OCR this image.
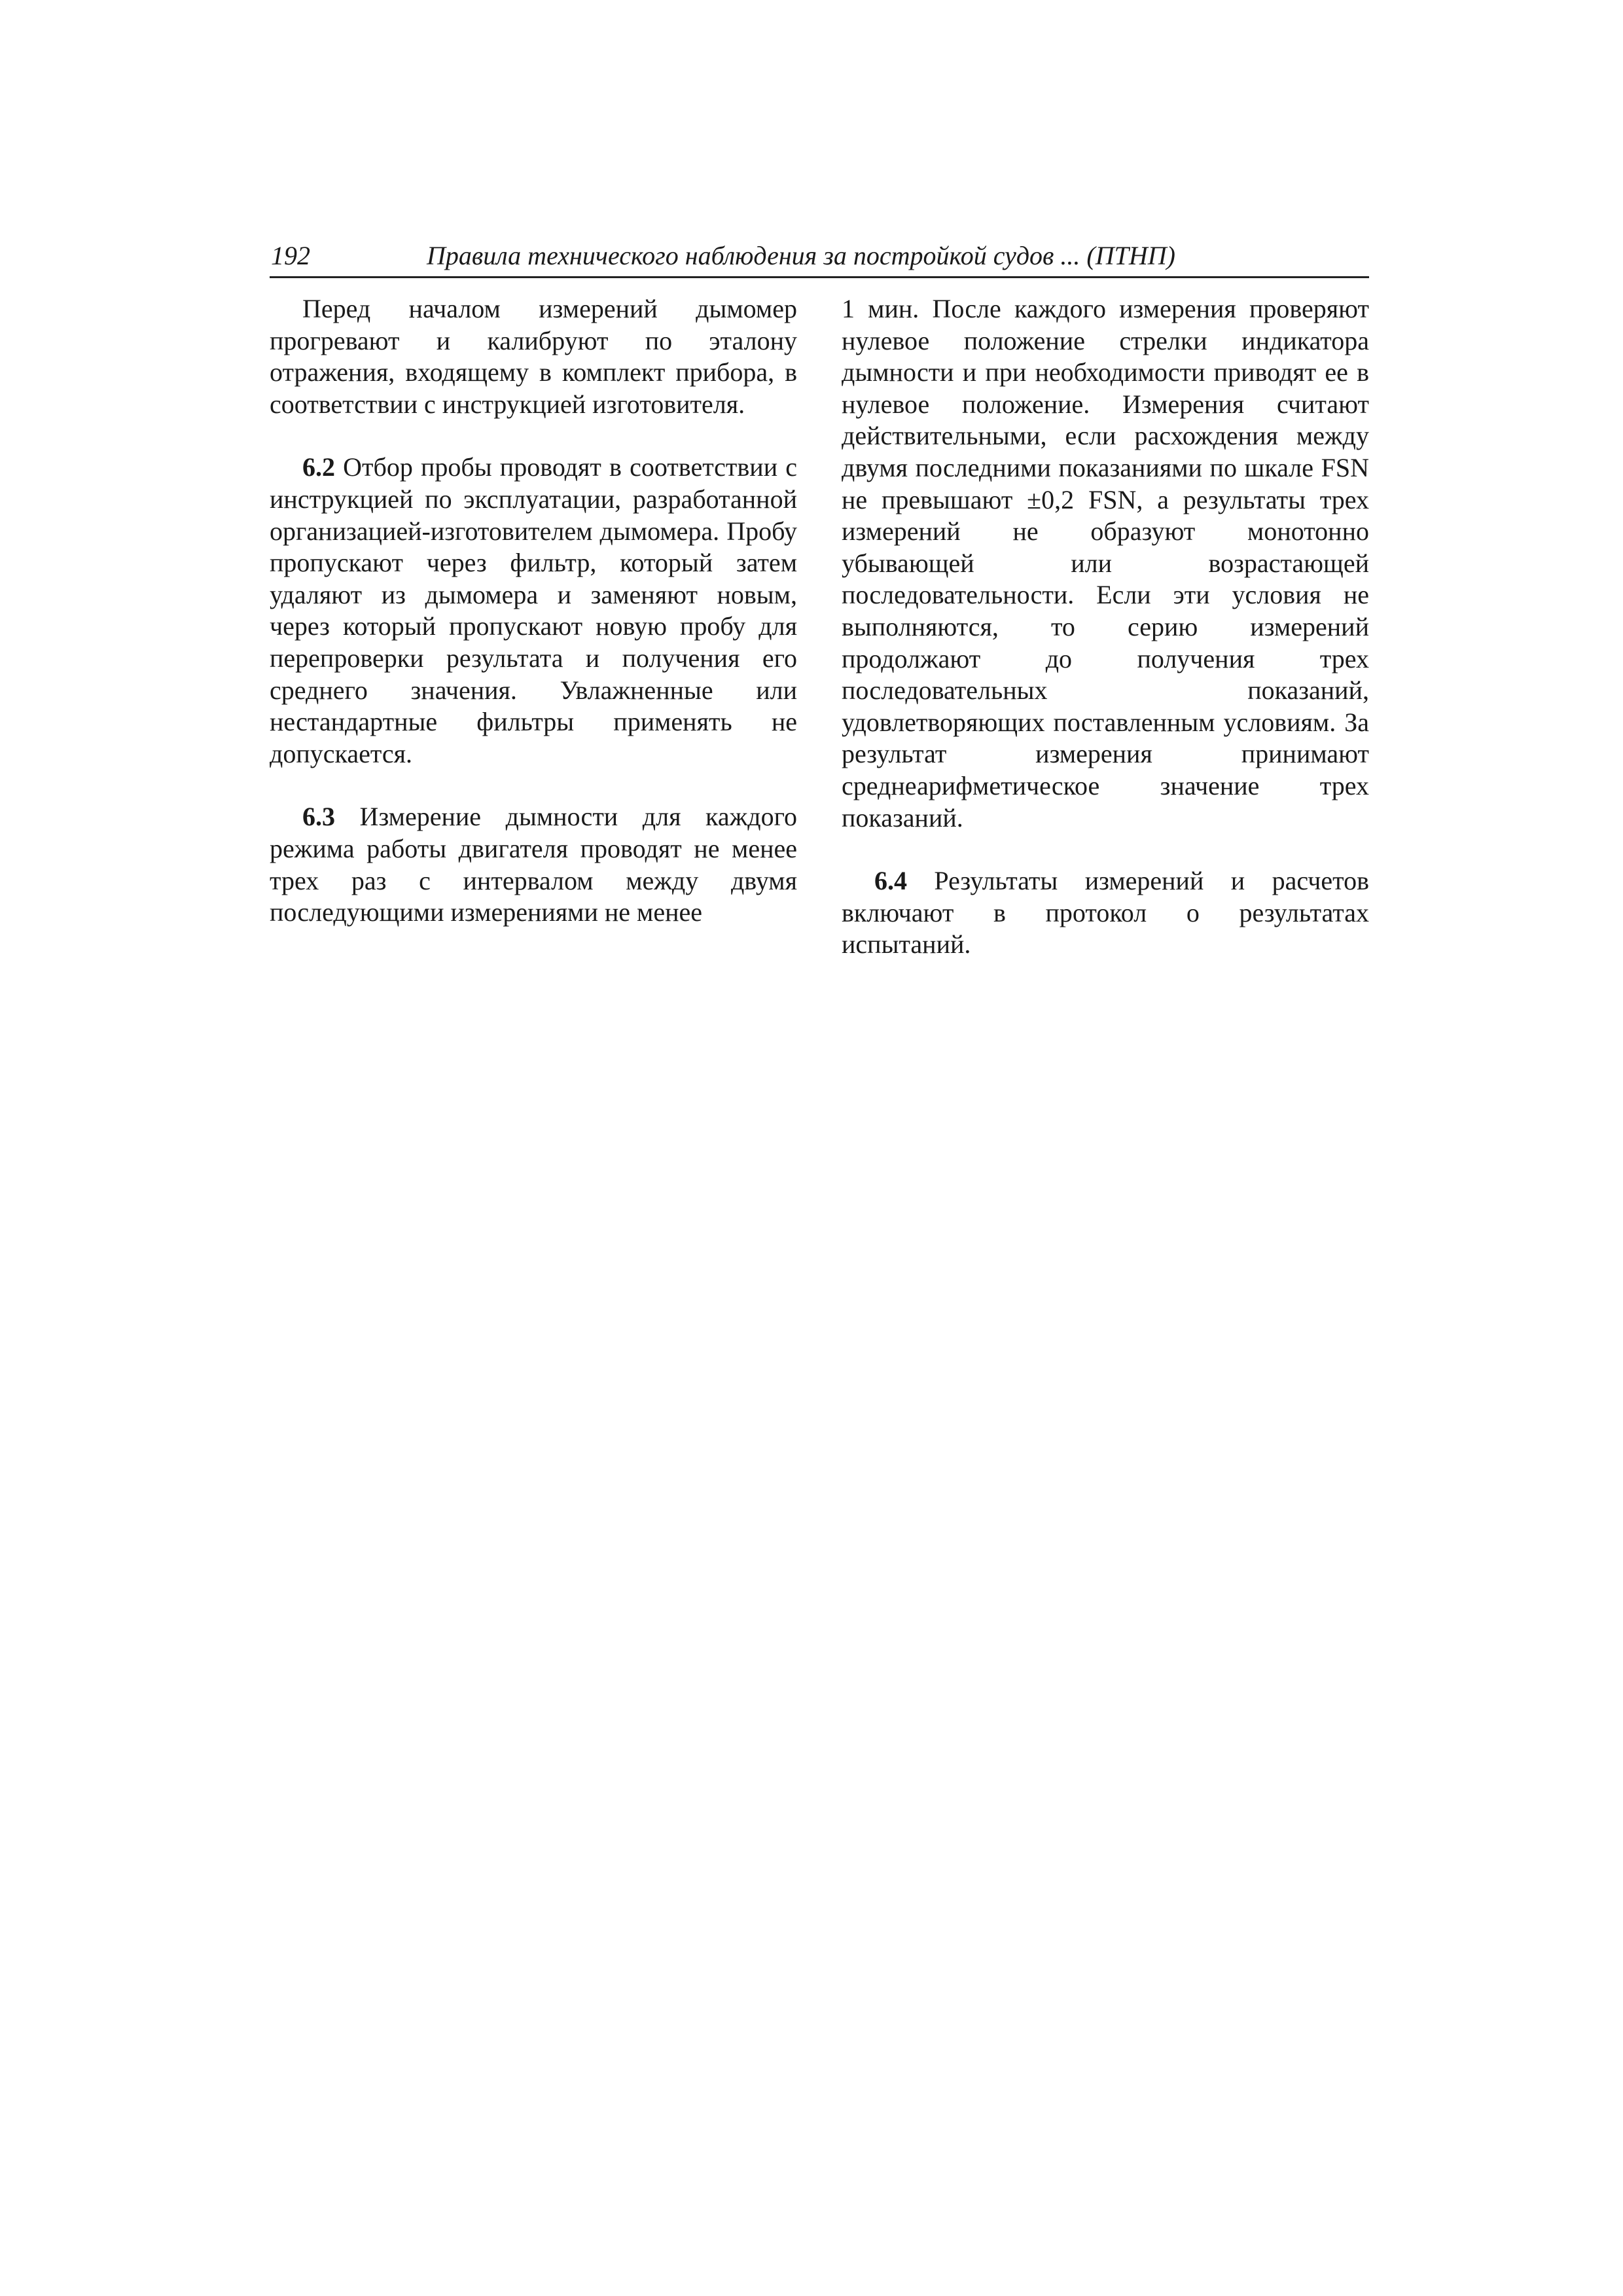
192	Правила технического наблюдения за постройкой судов ... (ПТНП)

Перед началом измерений дымомер прогревают и калибруют по эталону отражения, входящему в комплект прибора, в соответствии с инструкцией изготовителя.

6.2 Отбор пробы проводят в соответствии с инструкцией по эксплуатации, разработанной организацией-изготовителем дымомера. Пробу пропускают через фильтр, который затем удаляют из дымомера и заменяют новым, через который пропускают новую пробу для перепроверки результата и получения его среднего значения. Увлажненные или нестандартные фильтры применять не допускается.

6.3 Измерение дымности для каждого режима работы двигателя проводят не менее трех раз с интервалом между двумя последующими измерениями не менее

1 мин. После каждого измерения проверяют нулевое положение стрелки индикатора дымности и при необходимости приводят ее в нулевое положение. Измерения считают действительными, если расхождения между двумя последними показаниями по шкале FSN не превышают ±0,2 FSN, а результаты трех измерений не образуют монотонно убывающей или возрастающей последовательности. Если эти условия не выполняются, то серию измерений продолжают до получения трех последовательных показаний, удовлетворяющих поставленным условиям. За результат измерения принимают среднеарифметическое значение трех показаний.

6.4 Результаты измерений и расчетов включают в протокол о результатах испытаний.
